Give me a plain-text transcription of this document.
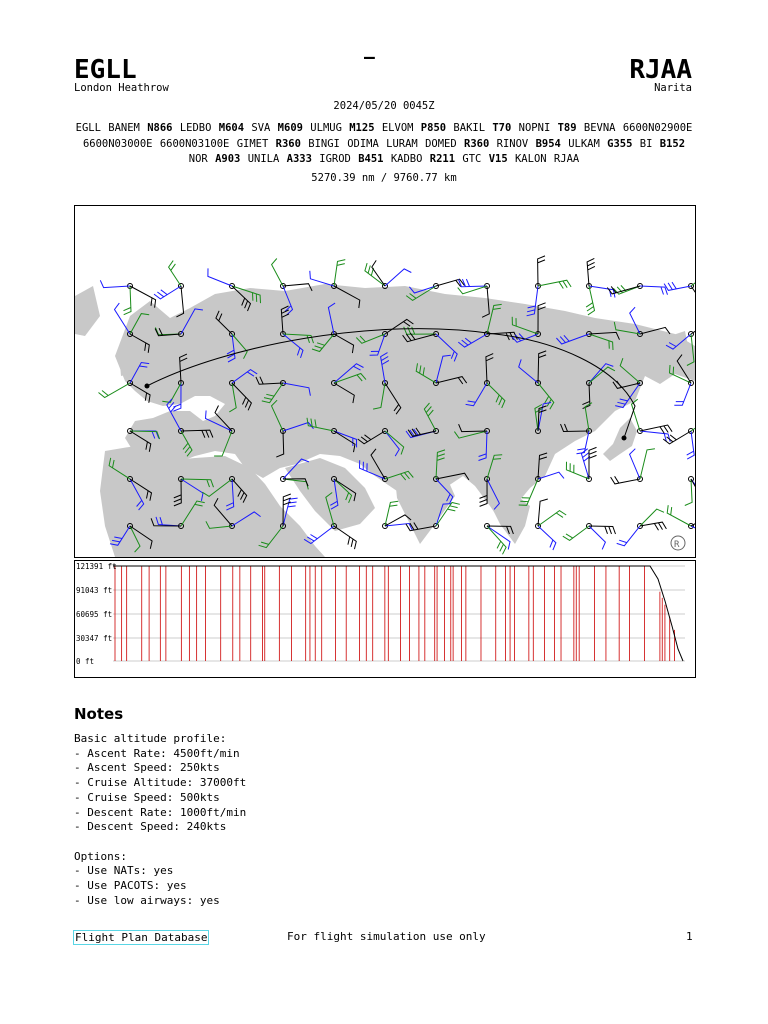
EGLL
London Heathrow
–	RJAA
Narita
2024/05/20 0045Z
EGLL BANEM N866 LEDBO M604 SVA M609 ULMUG M125 ELVOM P850 BAKIL T70 NOPNI T89 BEVNA 6600N02900E 6600N03000E 6600N03100E GIMET R360 BINGI ODIMA LURAM DOMED R360 RINOV B954 ULKAM G355 BI B152 NOR A903 UNILA A333 IGROD B451 KADBO R211 GTC V15 KALON RJAA
5270.39 nm / 9760.77 km
R
121391 ft
91043 ft
60695 ft
30347 ft
0 ft
Notes
Basic altitude profile:
- Ascent Rate: 4500ft/min
- Ascent Speed: 250kts
- Cruise Altitude: 37000ft
- Cruise Speed: 500kts
- Descent Rate: 1000ft/min
- Descent Speed: 240kts

Options:
- Use NATs: yes
- Use PACOTS: yes
- Use low airways: yes
Flight Plan Database	For flight simulation use only	1
